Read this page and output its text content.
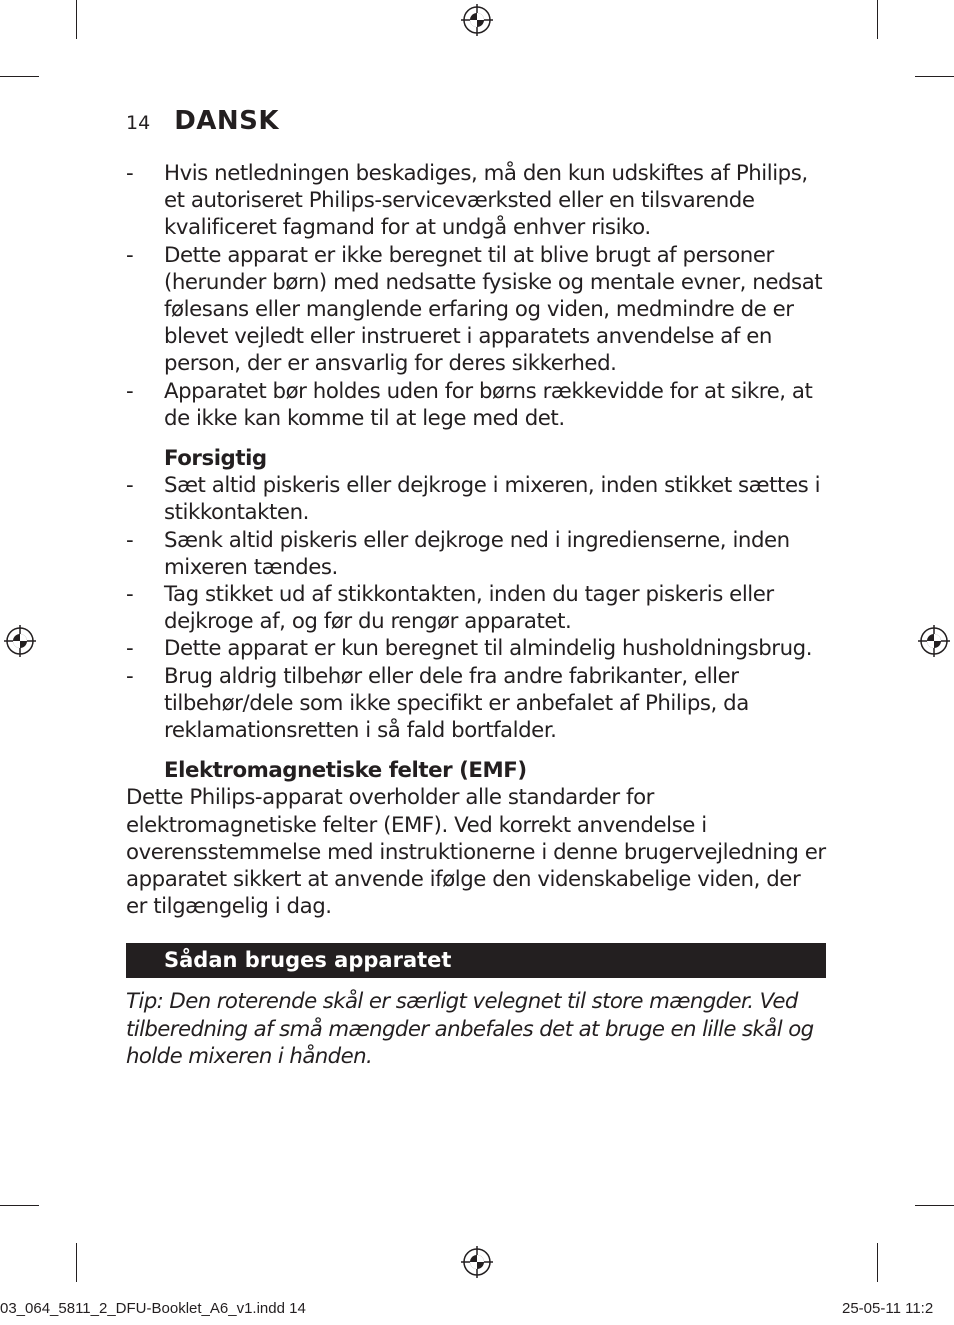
14 DANSK
- Hvis netledningen beskadiges, må den kun udskiftes af Philips, et autoriseret Philips-serviceværksted eller en tilsvarende kvalificeret fagmand for at undgå enhver risiko.
- Dette apparat er ikke beregnet til at blive brugt af personer (herunder børn) med nedsatte fysiske og mentale evner, nedsat følesans eller manglende erfaring og viden, medmindre de er blevet vejledt eller instrueret i apparatets anvendelse af en person, der er ansvarlig for deres sikkerhed.
- Apparatet bør holdes uden for børns rækkevidde for at sikre, at de ikke kan komme til at lege med det.
Forsigtig
- Sæt altid piskeris eller dejkroge i mixeren, inden stikket sættes i stikkontakten.
- Sænk altid piskeris eller dejkroge ned i ingredienserne, inden mixeren tændes.
- Tag stikket ud af stikkontakten, inden du tager piskeris eller dejkroge af, og før du rengør apparatet.
- Dette apparat er kun beregnet til almindelig husholdningsbrug.
- Brug aldrig tilbehør eller dele fra andre fabrikanter, eller tilbehør/dele som ikke specifikt er anbefalet af Philips, da reklamationsretten i så fald bortfalder.
Elektromagnetiske felter (EMF)

Dette Philips-apparat overholder alle standarder for elektromagnetiske felter (EMF). Ved korrekt anvendelse i overensstemmelse med instruktionerne i denne brugervejledning er apparatet sikkert at anvende ifølge den videnskabelige viden, der er tilgængelig i dag.

Sådan bruges apparatet

Tip: Den roterende skål er særligt velegnet til store mængder. Ved tilberedning af små mængder anbefales det at bruge en lille skål og holde mixeren i hånden.

03_064_5811_2_DFU-Booklet_A6_v1.indd 14	25-05-11 11:2
